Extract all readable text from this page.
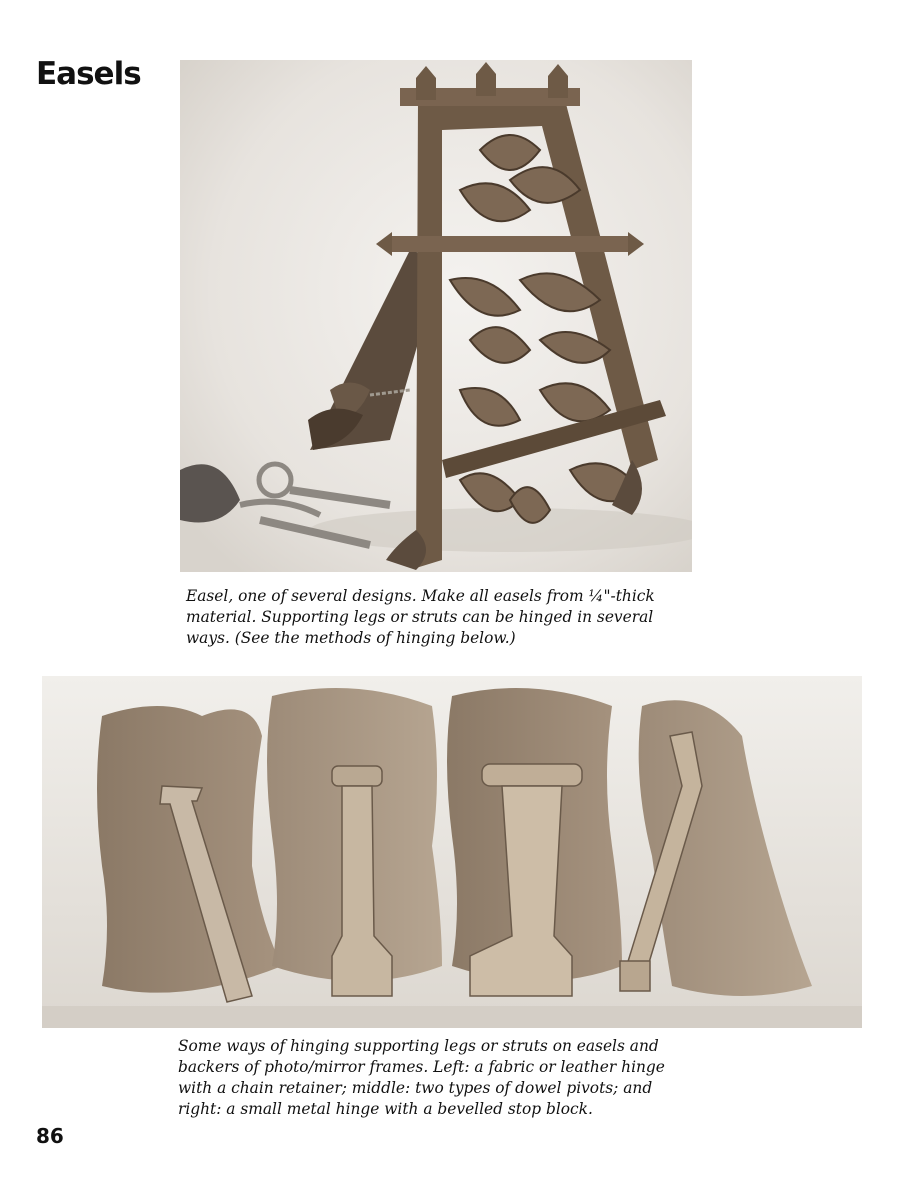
Easels

Easel, one of several designs. Make all easels from ¼"-thick
material. Supporting legs or struts can be hinged in several
ways. (See the methods of hinging below.)

Some ways of hinging supporting legs or struts on easels and
backers of photo/mirror frames. Left: a fabric or leather hinge
with a chain retainer; middle: two types of dowel pivots; and
right: a small metal hinge with a bevelled stop block.

86
